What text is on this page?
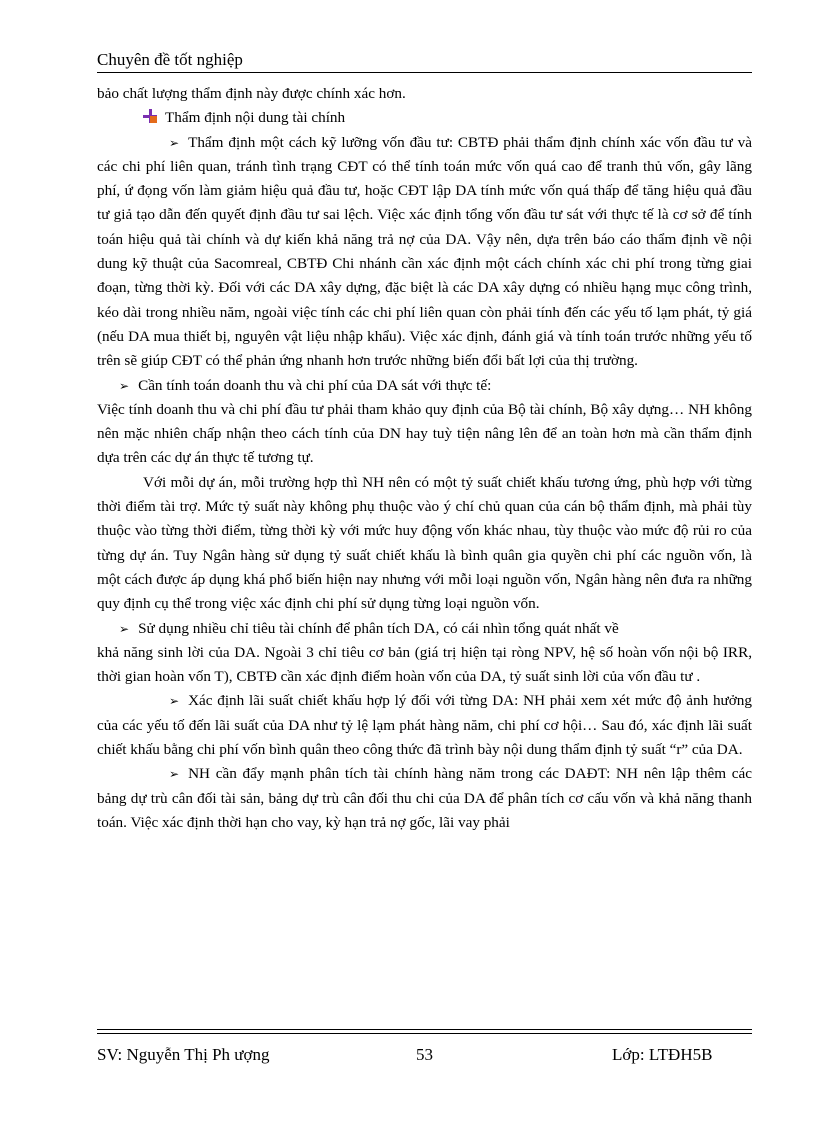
Chuyên đề tốt nghiệp

bảo chất lượng thẩm định này được chính xác hơn.

Thẩm định nội dung tài chính

➢ Thẩm định một cách kỹ lưỡng vốn đầu tư: CBTĐ phải thẩm định chính xác vốn đầu tư và các chi phí liên quan, tránh tình trạng CĐT có thể tính toán mức vốn quá cao để tranh thủ vốn, gây lãng phí, ứ đọng vốn làm giảm hiệu quả đầu tư, hoặc CĐT lập DA tính mức vốn quá thấp để tăng hiệu quả đầu tư giả tạo dẫn đến quyết định đầu tư sai lệch. Việc xác định tổng vốn đầu tư sát với thực tế là cơ sở để tính toán hiệu quả tài chính và dự kiến khả năng trả nợ của DA. Vậy nên, dựa trên báo cáo thẩm định về nội dung kỹ thuật của Sacomreal, CBTĐ Chi nhánh cần xác định một cách chính xác chi phí trong từng giai đoạn, từng thời kỳ. Đối với các DA xây dựng, đặc biệt là các DA xây dựng có nhiều hạng mục công trình, kéo dài trong nhiều năm, ngoài việc tính các chi phí liên quan còn phải tính đến các yếu tố lạm phát, tỷ giá (nếu DA mua thiết bị, nguyên vật liệu nhập khẩu). Việc xác định, đánh giá và tính toán trước những yếu tố trên sẽ giúp CĐT có thể phản ứng nhanh hơn trước những biến đổi bất lợi của thị trường.

➢ Cần tính toán doanh thu và chi phí của DA sát với thực tế:

Việc tính doanh thu và chi phí đầu tư phải tham khảo quy định của Bộ tài chính, Bộ xây dựng… NH không nên mặc nhiên chấp nhận theo cách tính của DN hay tuỳ tiện nâng lên để an toàn hơn mà cần thẩm định dựa trên các dự án thực tế tương tự.

Với mỗi dự án, mỗi trường hợp thì NH nên có một tỷ suất chiết khấu tương ứng, phù hợp với từng thời điểm tài trợ. Mức tỷ suất này không phụ thuộc vào ý chí chủ quan của cán bộ thẩm định, mà phải tùy thuộc vào từng thời điểm, từng thời kỳ với mức huy động vốn khác nhau, tùy thuộc vào mức độ rủi ro của từng dự án. Tuy Ngân hàng sử dụng tỷ suất chiết khấu là bình quân gia quyền chi phí các nguồn vốn, là một cách được áp dụng khá phổ biến hiện nay nhưng với mỗi loại nguồn vốn, Ngân hàng nên đưa ra những quy định cụ thể trong việc xác định chi phí sử dụng từng loại nguồn vốn.

➢ Sử dụng nhiều chỉ tiêu tài chính để phân tích DA, có cái nhìn tổng quát nhất về

khả năng sinh lời của DA. Ngoài 3 chỉ tiêu cơ bản (giá trị hiện tại ròng NPV, hệ số hoàn vốn nội bộ IRR, thời gian hoàn vốn T), CBTĐ cần xác định điểm hoàn vốn của DA, tỷ suất sinh lời của vốn đầu tư .

➢ Xác định lãi suất chiết khấu hợp lý đối với từng DA: NH phải xem xét mức độ ảnh hưởng của các yếu tố đến lãi suất của DA như tỷ lệ lạm phát hàng năm, chi phí cơ hội… Sau đó, xác định lãi suất chiết khấu bằng chi phí vốn bình quân theo công thức đã trình bày nội dung thẩm định tỷ suất “r” của DA.

➢ NH cần đẩy mạnh phân tích tài chính hàng năm trong các DAĐT: NH nên lập thêm các bảng dự trù cân đối tài sản, bảng dự trù cân đối thu chi của DA để phân tích cơ cấu vốn và khả năng thanh toán. Việc xác định thời hạn cho vay, kỳ hạn trả nợ gốc, lãi vay phải

SV: Nguyễn Thị Ph ượng	53	Lớp: LTĐH5B
